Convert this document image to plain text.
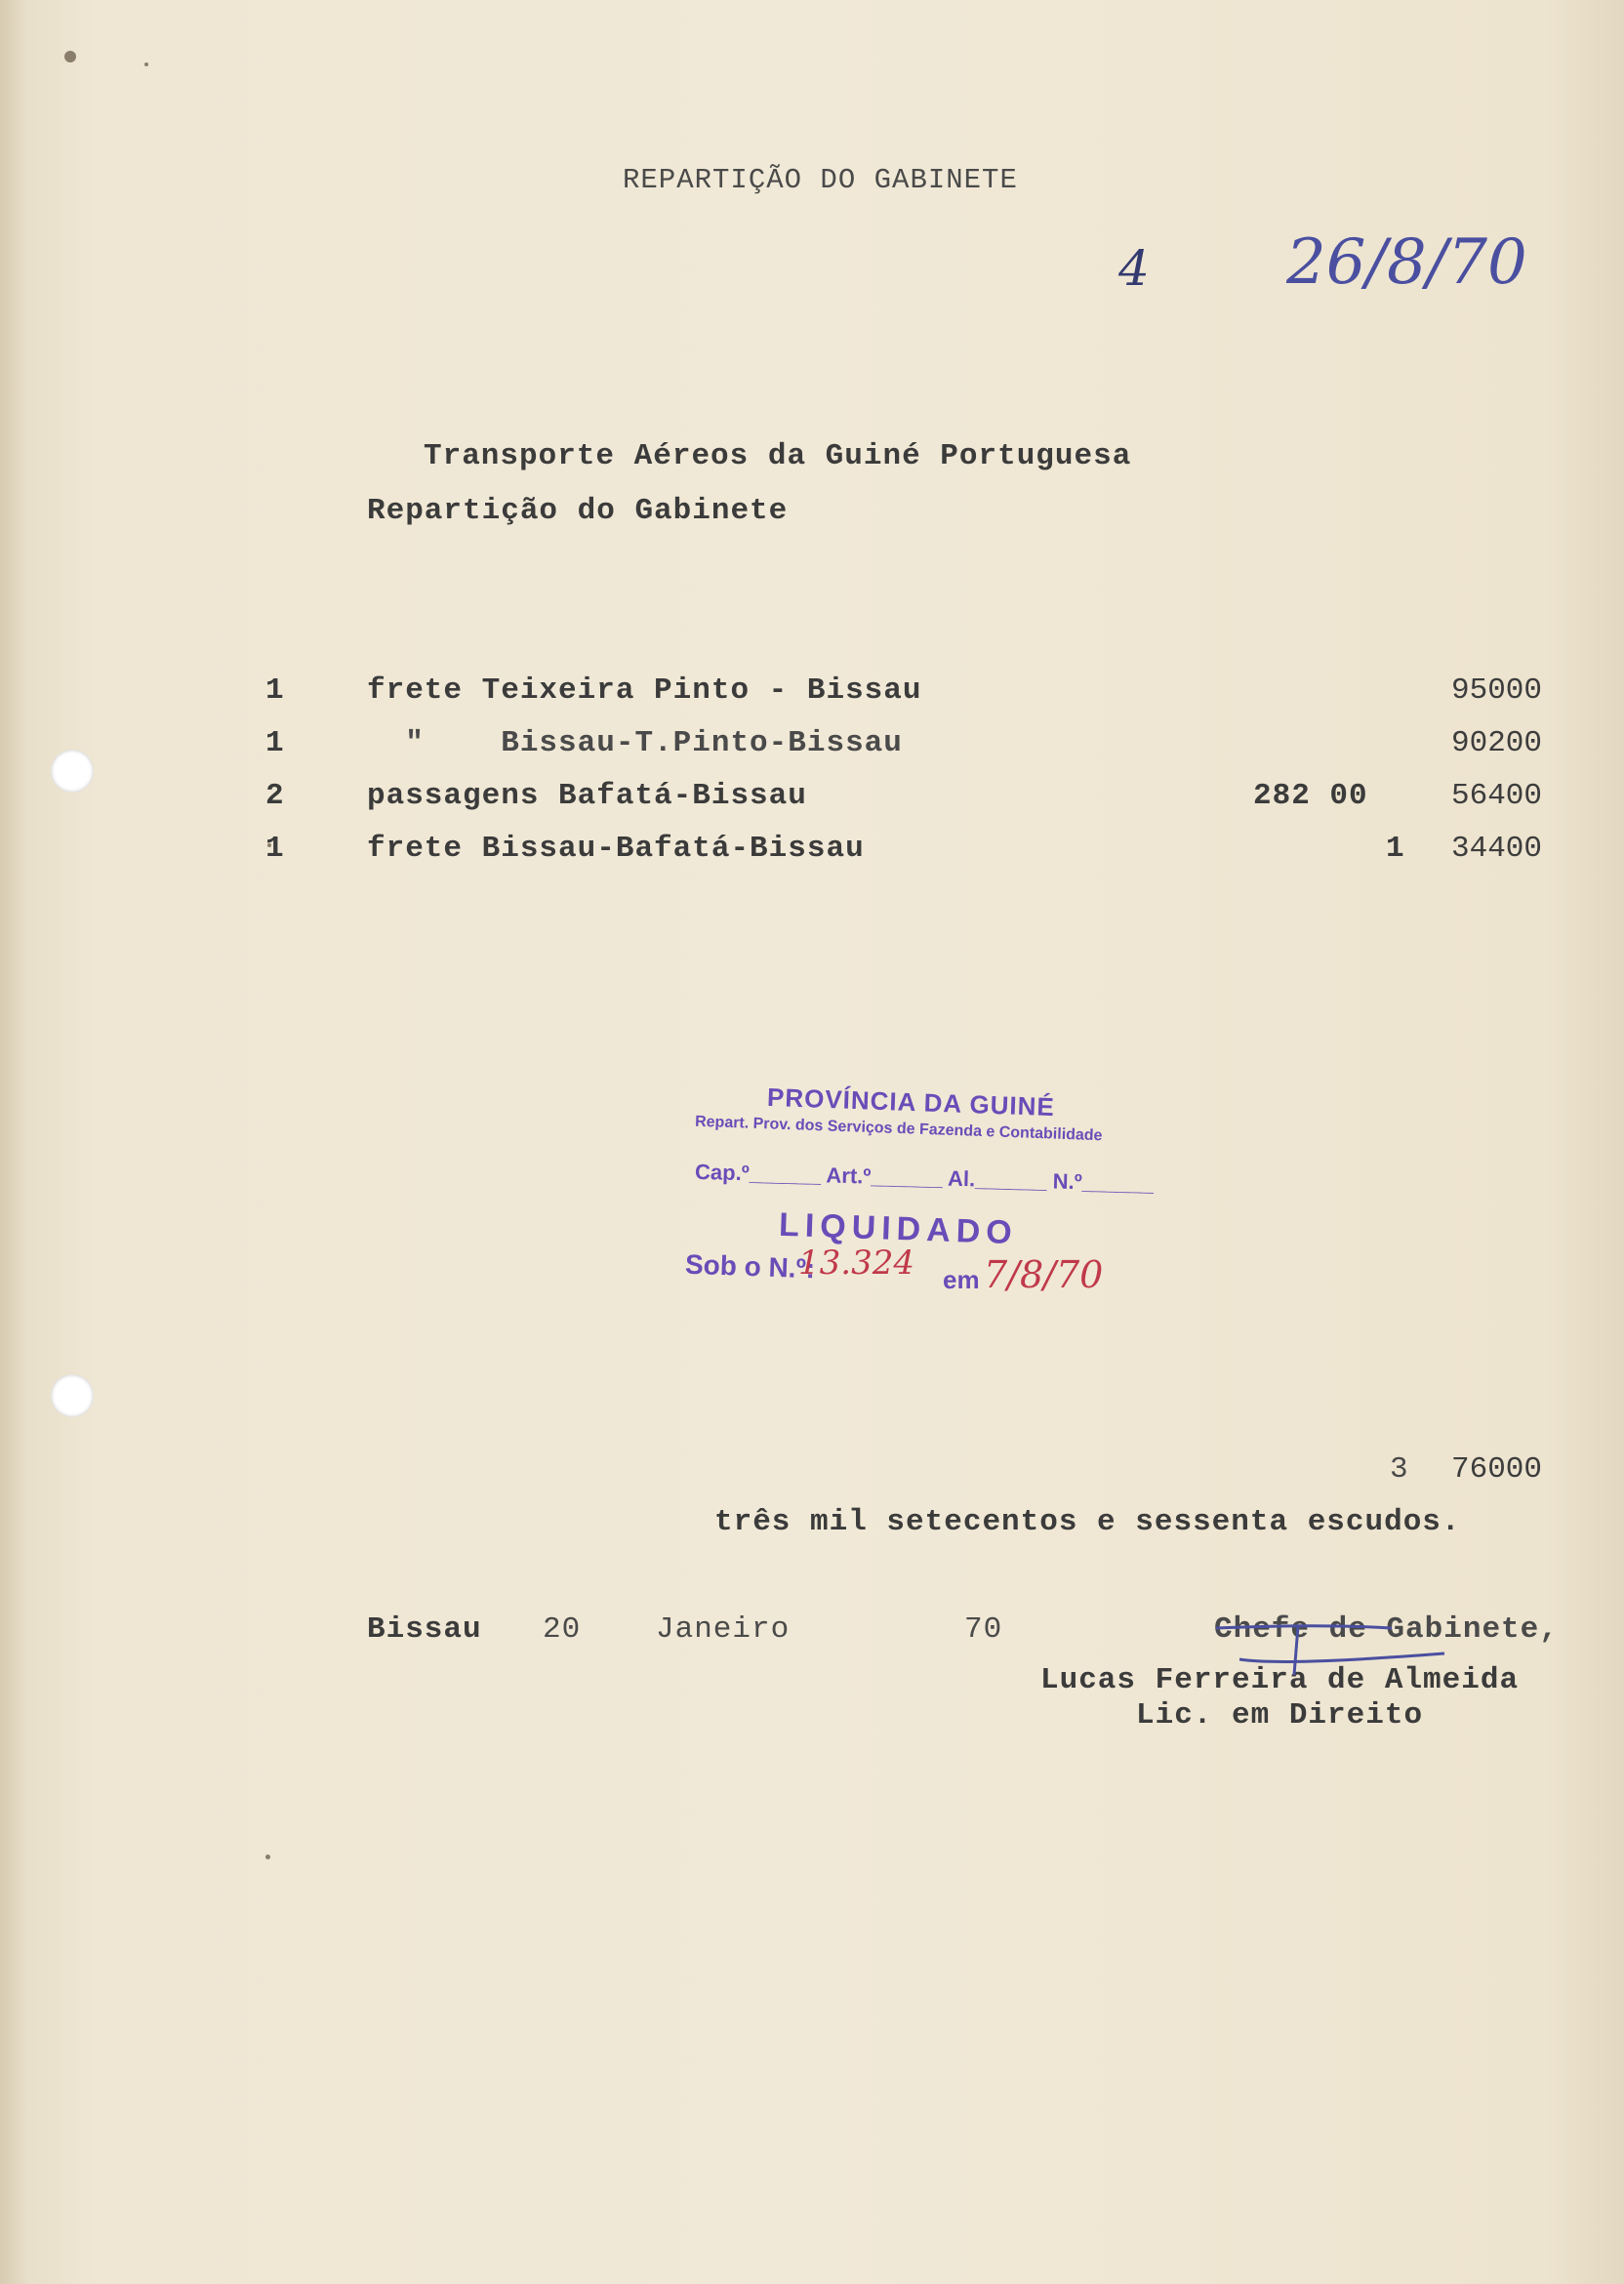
REPARTIÇÃO DO GABINETE
4 26/8/70
Transporte Aéreos da Guiné Portuguesa
Repartição do Gabinete
1	frete Teixeira Pinto - Bissau	95000
1	"    Bissau-T.Pinto-Bissau	90200
2	passagens Bafatá-Bissau	282 00	56400
1	frete Bissau-Bafatá-Bissau	1 34400
PROVÍNCIA DA GUINÉ
Repart. Prov. dos Serviços de Fazenda e Contabilidade
Cap.º______ Art.º______ Al.______ N.º______
LIQUIDADO
Sob o N.º:
13.324 em 7/8/70
3 76000
três mil setecentos e sessenta escudos.
Bissau 20 Janeiro	70	Chefe de Gabinete,
Lucas Ferreira de Almeida
Lic. em Direito
